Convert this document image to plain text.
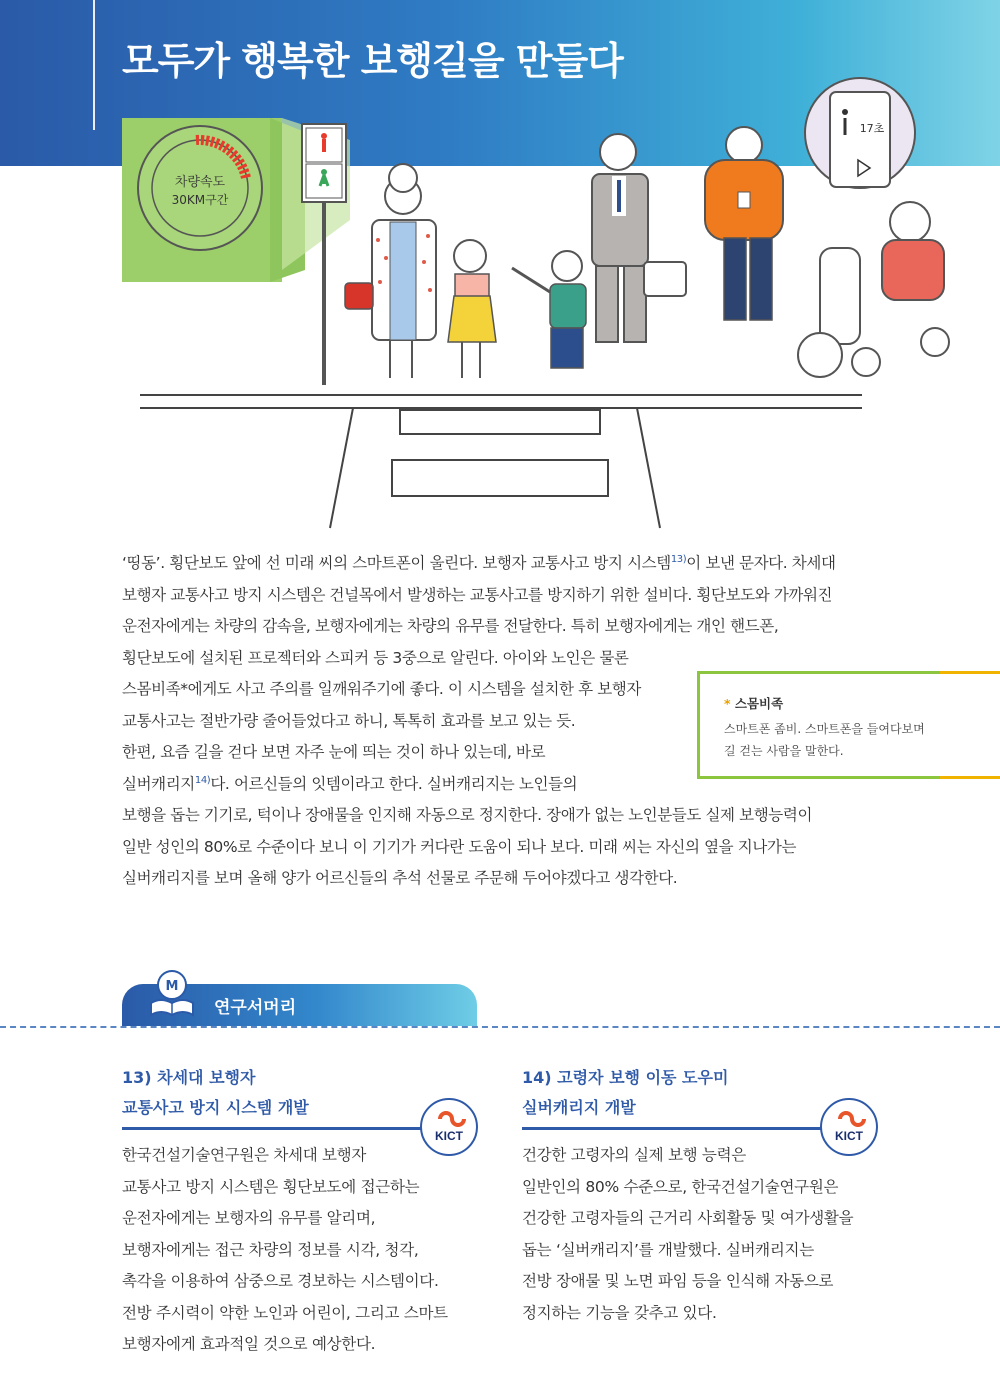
모두가 행복한 보행길을 만들다
차량속도
30KM구간
17초

‘띵동’. 횡단보도 앞에 선 미래 씨의 스마트폰이 울린다. 보행자 교통사고 방지 시스템$^{13)}$이 보낸 문자다. 차세대

보행자 교통사고 방지 시스템은 건널목에서 발생하는 교통사고를 방지하기 위한 설비다. 횡단보도와 가까워진

운전자에게는 차량의 감속을, 보행자에게는 차량의 유무를 전달한다. 특히 보행자에게는 개인 핸드폰,

횡단보도에 설치된 프로젝터와 스피커 등 3중으로 알린다. 아이와 노인은 물론

스몸비족*에게도 사고 주의를 일깨워주기에 좋다. 이 시스템을 설치한 후 보행자

교통사고는 절반가량 줄어들었다고 하니, 톡톡히 효과를 보고 있는 듯.

한편, 요즘 길을 걷다 보면 자주 눈에 띄는 것이 하나 있는데, 바로

실버캐리지$^{14)}$다. 어르신들의 잇템이라고 한다. 실버캐리지는 노인들의

보행을 돕는 기기로, 턱이나 장애물을 인지해 자동으로 정지한다. 장애가 없는 노인분들도 실제 보행능력이

일반 성인의 80%로 수준이다 보니 이 기기가 커다란 도움이 되나 보다. 미래 씨는 자신의 옆을 지나가는

실버캐리지를 보며 올해 양가 어르신들의 추석 선물로 주문해 두어야겠다고 생각한다.

* 스몸비족
스마트폰 좀비. 스마트폰을 들여다보며
길 걷는 사람을 말한다.
M
연구서머리
13) 차세대 보행자
교통사고 방지 시스템 개발
KICT
한국건설기술연구원은 차세대 보행자
교통사고 방지 시스템은 횡단보도에 접근하는
운전자에게는 보행자의 유무를 알리며,
보행자에게는 접근 차량의 정보를 시각, 청각,
촉각을 이용하여 삼중으로 경보하는 시스템이다.
전방 주시력이 약한 노인과 어린이, 그리고 스마트
보행자에게 효과적일 것으로 예상한다.
14) 고령자 보행 이동 도우미
실버캐리지 개발
KICT
건강한 고령자의 실제 보행 능력은
일반인의 80% 수준으로, 한국건설기술연구원은
건강한 고령자들의 근거리 사회활동 및 여가생활을
돕는 ‘실버캐리지’를 개발했다. 실버캐리지는
전방 장애물 및 노면 파임 등을 인식해 자동으로
정지하는 기능을 갖추고 있다.
